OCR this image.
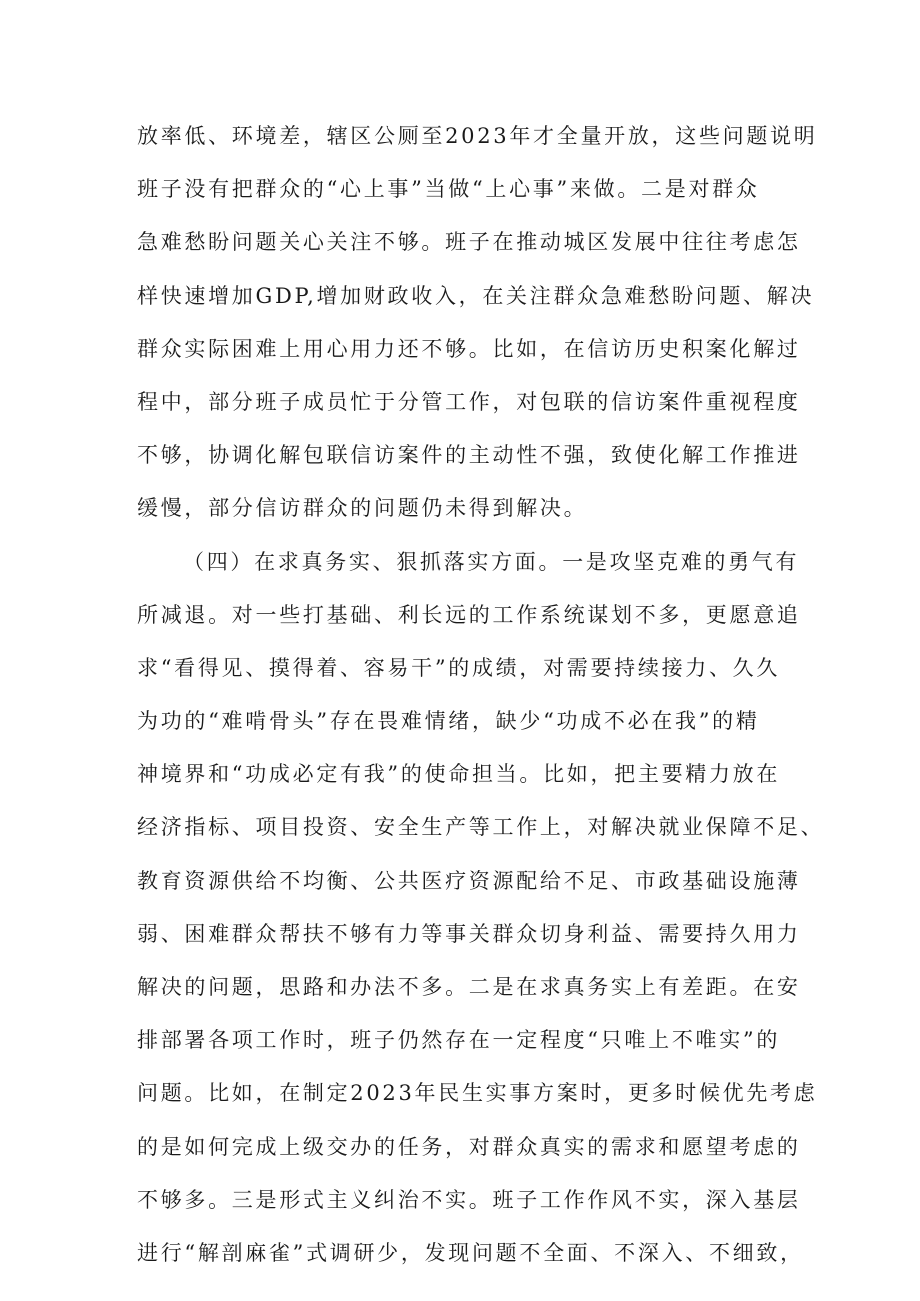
放率低、环境差，辖区公厕至2023年才全量开放，这些问题说明
班子没有把群众的“心上事”当做“上心事”来做。二是对群众
急难愁盼问题关心关注不够。班子在推动城区发展中往往考虑怎
样快速增加GDP,增加财政收入，在关注群众急难愁盼问题、解决
群众实际困难上用心用力还不够。比如，在信访历史积案化解过
程中，部分班子成员忙于分管工作，对包联的信访案件重视程度
不够，协调化解包联信访案件的主动性不强，致使化解工作推进
缓慢，部分信访群众的问题仍未得到解决。
（四）在求真务实、狠抓落实方面。一是攻坚克难的勇气有
所减退。对一些打基础、利长远的工作系统谋划不多，更愿意追
求“看得见、摸得着、容易干”的成绩，对需要持续接力、久久
为功的“难啃骨头”存在畏难情绪，缺少“功成不必在我”的精
神境界和“功成必定有我”的使命担当。比如，把主要精力放在
经济指标、项目投资、安全生产等工作上，对解决就业保障不足、
教育资源供给不均衡、公共医疗资源配给不足、市政基础设施薄
弱、困难群众帮扶不够有力等事关群众切身利益、需要持久用力
解决的问题，思路和办法不多。二是在求真务实上有差距。在安
排部署各项工作时，班子仍然存在一定程度“只唯上不唯实”的
问题。比如，在制定2023年民生实事方案时，更多时候优先考虑
的是如何完成上级交办的任务，对群众真实的需求和愿望考虑的
不够多。三是形式主义纠治不实。班子工作作风不实，深入基层
进行“解剖麻雀”式调研少，发现问题不全面、不深入、不细致，
